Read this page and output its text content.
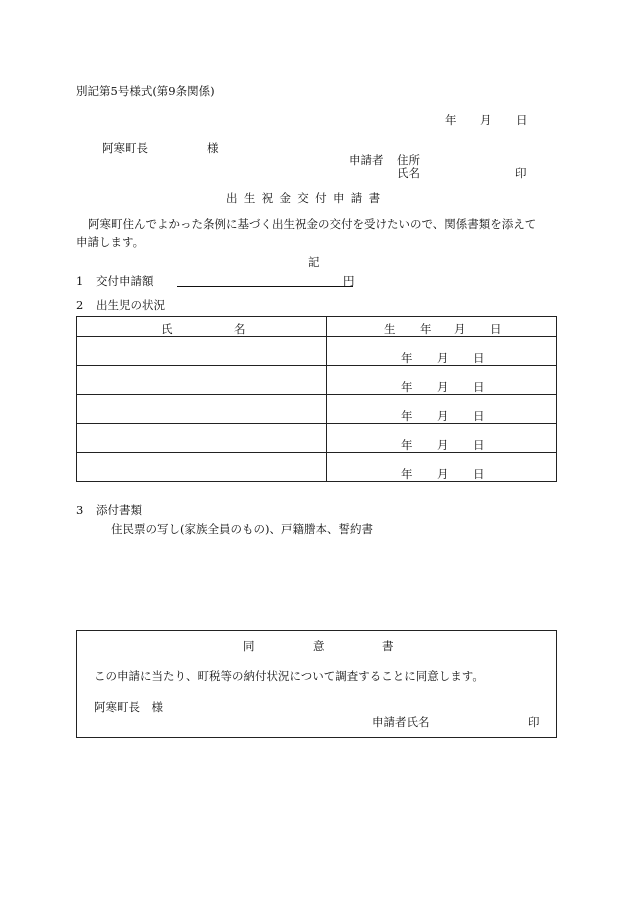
別記第5号様式(第9条関係)
年 月 日
阿寒町長	様
申請者 住所
氏名	印
出生祝金交付申請書
阿寒町住んでよかった条例に基づく出生祝金の交付を受けたいので、関係書類を添えて
申請します。
記
1 交付申請額	円
2 出生児の状況
氏 名	生 年 月 日

	年 月 日

	年 月 日

	年 月 日

	年 月 日

	年 月 日
3 添付書類
住民票の写し(家族全員のもの)、戸籍謄本、誓約書
同	意	書
この申請に当たり、町税等の納付状況について調査することに同意します。
阿寒町長　様
申請者氏名	印
